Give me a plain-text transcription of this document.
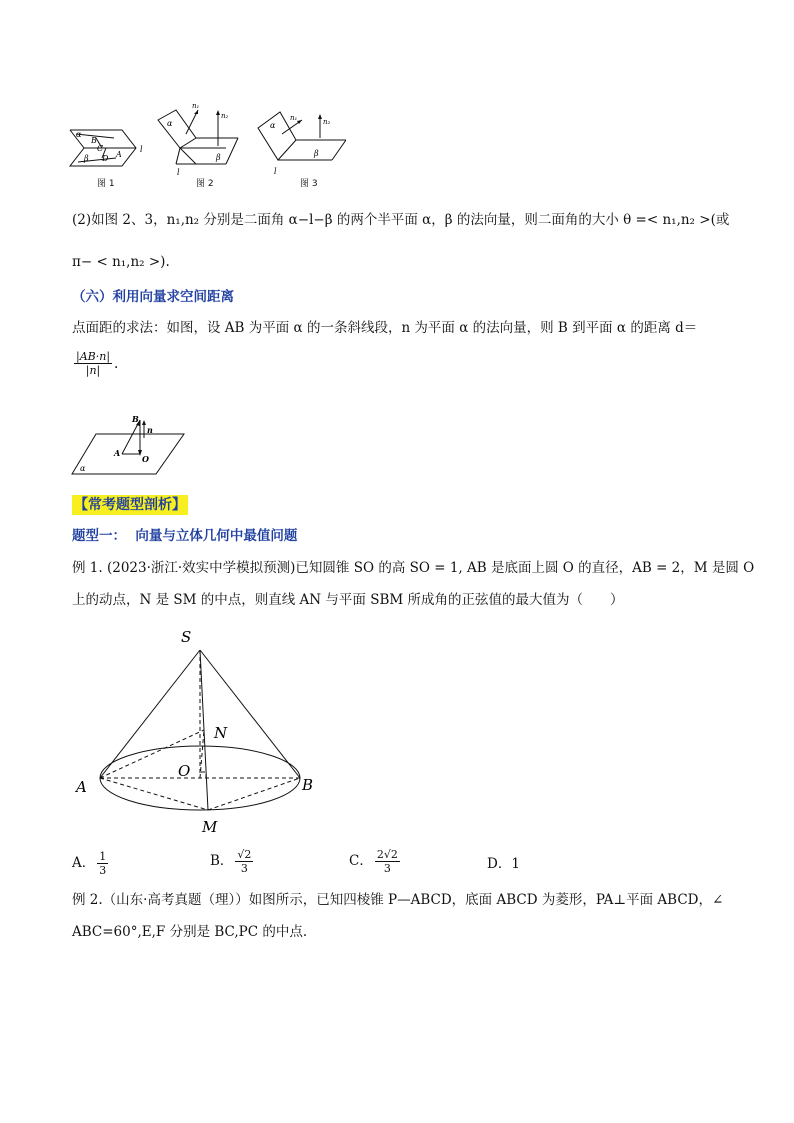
α
B
C
β D A
l
n₁
n₂
α
β
l
α
n₁	n₂
β
l
图 1	图 2	图 3
(2)如图 2、3，n₁,n₂ 分别是二面角 α−l−β 的两个半平面 α，β 的法向量，则二面角的大小 θ =< n₁,n₂ >(或
π− < n₁,n₂ >).
（六）利用向量求空间距离
点面距的求法：如图，设 AB 为平面 α 的一条斜线段，n 为平面 α 的法向量，则 B 到平面 α 的距离 d＝
$\frac{|AB\cdot n|}{|n|}$ .
B
n
A
O
α
【常考题型剖析】
题型一： 向量与立体几何中最值问题
例 1. (2023·浙江·效实中学模拟预测)已知圆锥 SO 的高 SO = 1, AB 是底面上圆 O 的直径，AB = 2，M 是圆 O
上的动点，N 是 SM 的中点，则直线 AN 与平面 SBM 所成角的正弦值的最大值为（　　）
S
N
O
A	B
M
A． $\frac{1}{3}$	B． $\frac{√2}{3}$	C． $\frac{2√2}{3}$	D．1
例 2.（山东·高考真题（理））如图所示，已知四棱锥 P—ABCD，底面 ABCD 为菱形，PA⊥平面 ABCD，∠
ABC=60°,E,F 分别是 BC,PC 的中点.
